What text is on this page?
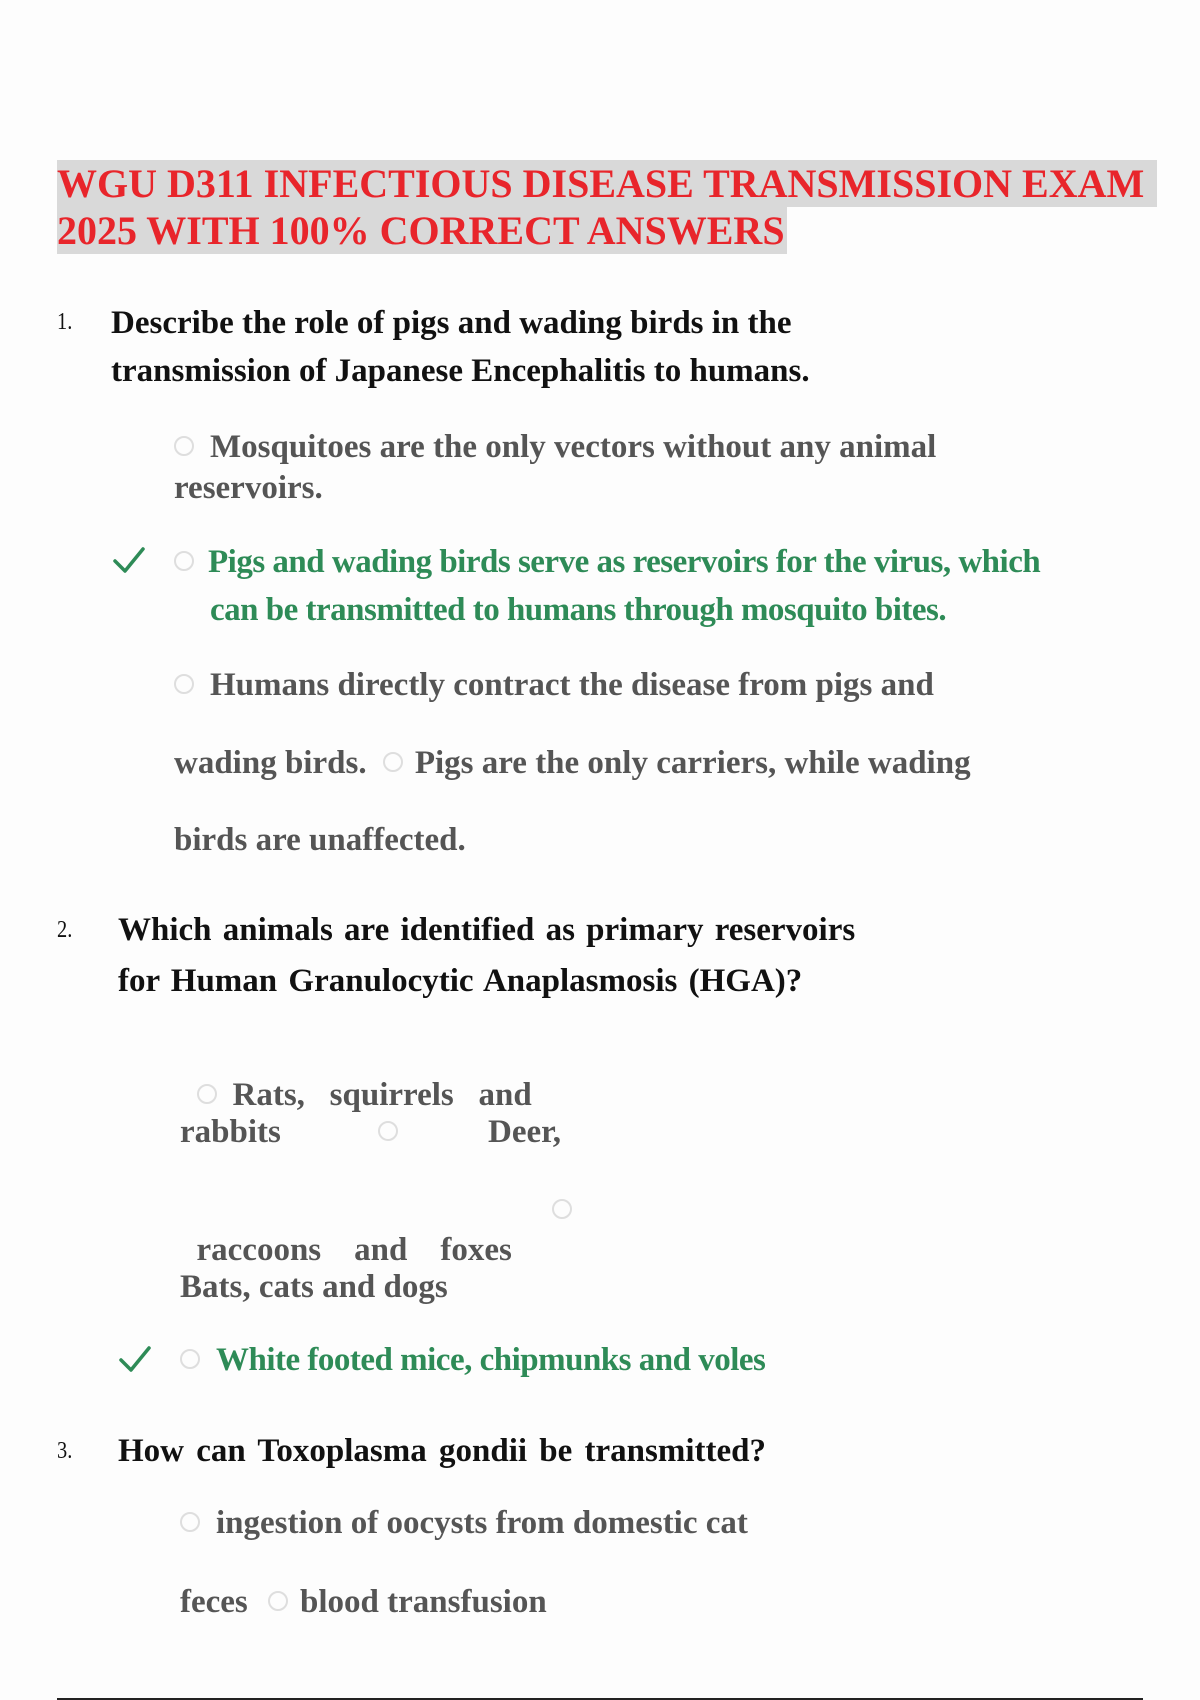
WGU D311 INFECTIOUS DISEASE TRANSMISSION EXAM
2025 WITH 100% CORRECT ANSWERS
1. Describe the role of pigs and wading birds in the
transmission of Japanese Encephalitis to humans.
Mosquitoes are the only vectors without any animal
reservoirs.
Pigs and wading birds serve as reservoirs for the virus, which
can be transmitted to humans through mosquito bites.
Humans directly contract the disease from pigs and
wading birds. Pigs are the only carriers, while wading
birds are unaffected.
2. Which animals are identified as primary reservoirs
for Human Granulocytic Anaplasmosis (HGA)?

Rats,   squirrels   and

rabbits	Deer,

raccoons    and    foxes

Bats, cats and dogs
White footed mice, chipmunks and voles
3. How can Toxoplasma gondii be transmitted?
ingestion of oocysts from domestic cat
feces blood transfusion
